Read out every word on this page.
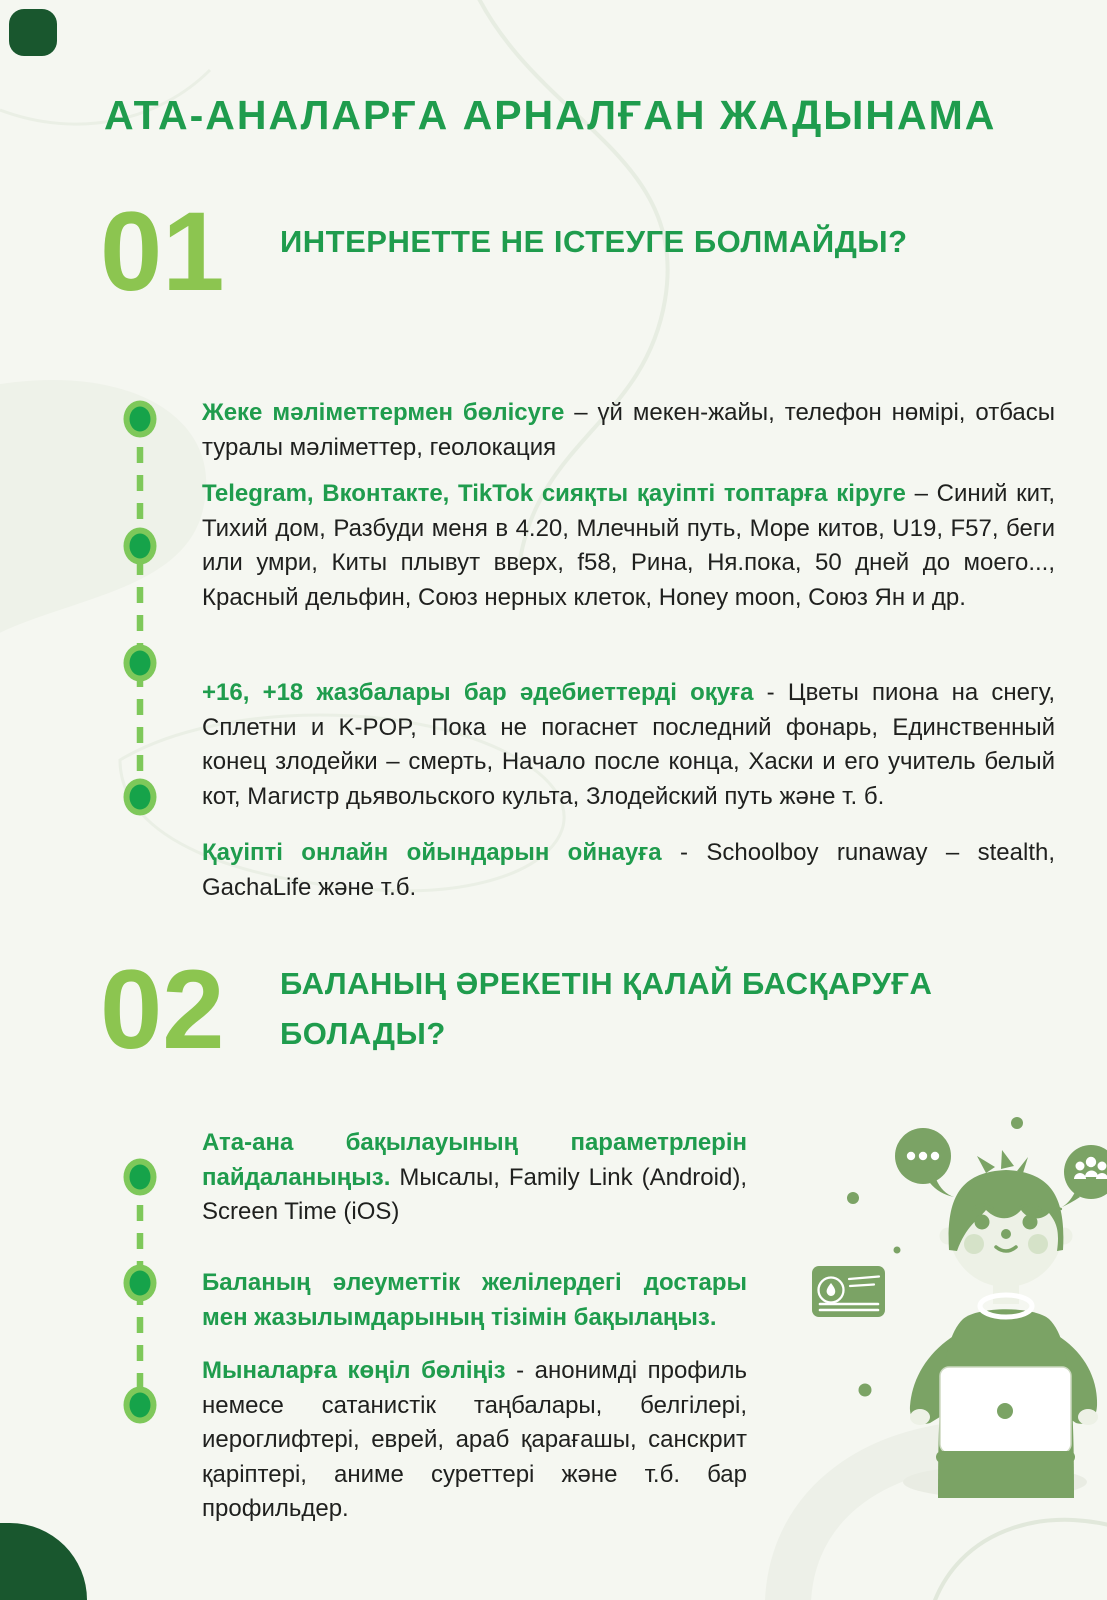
АТА-АНАЛАРҒА АРНАЛҒАН ЖАДЫНАМА
01 ИНТЕРНЕТТЕ НЕ ІСТЕУГЕ БОЛМАЙДЫ?

Жеке мәліметтермен бөлісуге – үй мекен-жайы, телефон нөмірі, отбасы туралы мәліметтер, геолокация

Telegram, Вконтакте, TikTok сияқты қауіпті топтарға кіруге – Синий кит, Тихий дом, Разбуди меня в 4.20, Млечный путь, Море китов, U19, F57, беги или умри, Киты плывут вверх, f58, Рина, Ня.пока, 50 дней до моего..., Красный дельфин, Союз нерных клеток, Honey moon, Союз Ян и др.

+16, +18 жазбалары бар әдебиеттерді оқуға - Цветы пиона на снегу, Сплетни и K-POP, Пока не погаснет последний фонарь, Единственный конец злодейки – смерть, Начало после конца, Хаски и его учитель белый кот, Магистр дьявольского культа, Злодейский путь және т. б.

Қауіпті онлайн ойындарын ойнауға - Schoolboy runaway – stealth, GachaLife және т.б.

02 БАЛАНЫҢ ӘРЕКЕТІН ҚАЛАЙ БАСҚАРУҒА БОЛАДЫ?

Ата-ана бақылауының параметрлерін пайдаланыңыз. Мысалы, Family Link (Android), Screen Time (iOS)

Баланың әлеуметтік желілердегі достары мен жазылымдарының тізімін бақылаңыз.

Мыналарға көңіл бөліңіз - анонимді профиль немесе сатанистік таңбалары, белгілері, иероглифтері, еврей, араб қарағашы, санскрит қаріптері, аниме суреттері және т.б. бар профильдер.
